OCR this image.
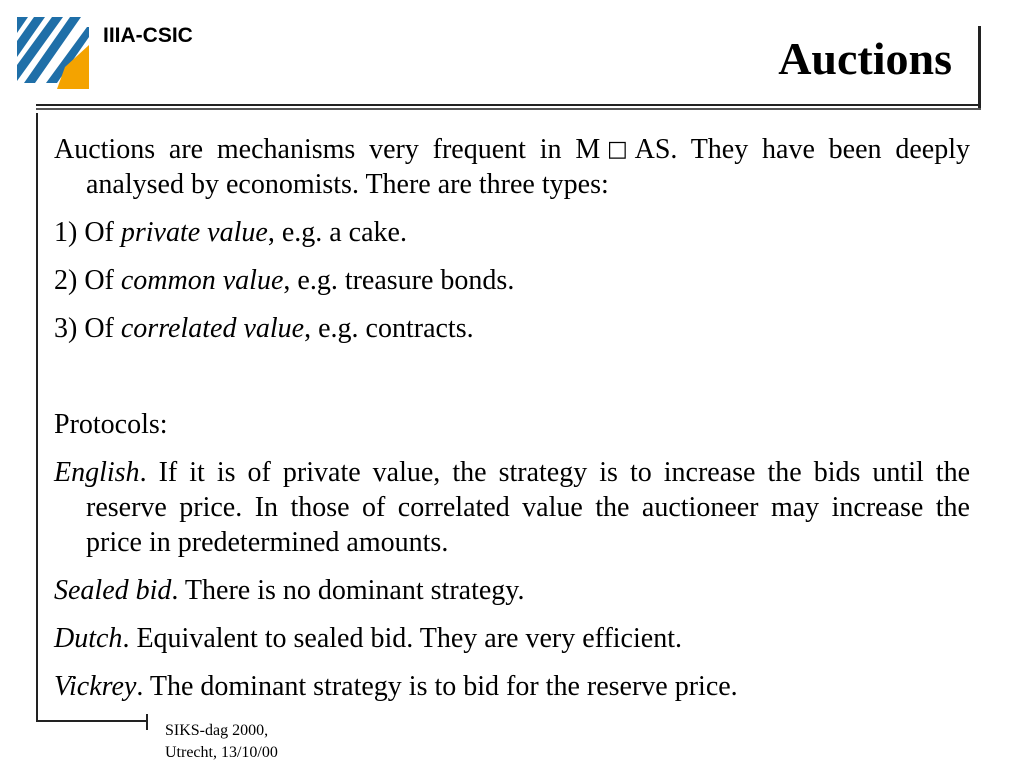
IIIA-CSIC	Auctions

Auctions are mechanisms very frequent in M□AS. They have been deeply analysed by economists. There are three types:

1) Of private value, e.g. a cake.

2) Of common value, e.g. treasure bonds.

3) Of correlated value, e.g. contracts.

Protocols:

English. If it is of private value, the strategy is to increase the bids until the reserve price. In those of correlated value the auctioneer may increase the price in predetermined amounts.

Sealed bid. There is no dominant strategy.

Dutch. Equivalent to sealed bid. They are very efficient.

Vickrey. The dominant strategy is to bid for the reserve price.

SIKS-dag 2000,
Utrecht, 13/10/00
